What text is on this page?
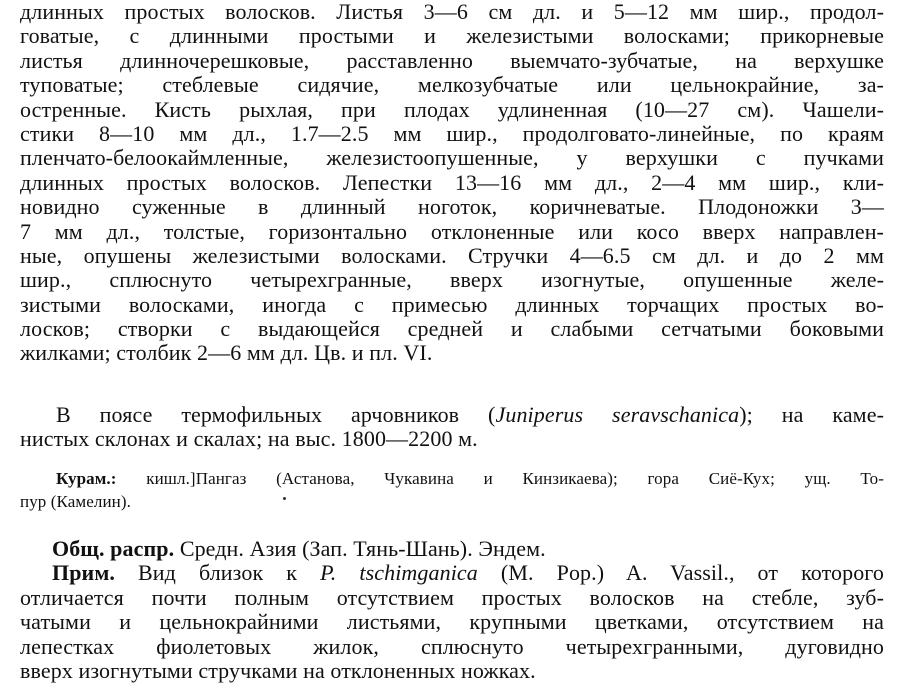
длинных простых волосков. Листья 3—6 см дл. и 5—12 мм шир., продол-
говатые, с длинными простыми и железистыми волосками; прикорневые
листья длинночерешковые, расставленно выемчато-зубчатые, на верхушке
туповатые; стеблевые сидячие, мелкозубчатые или цельнокрайние, за-
остренные. Кисть рыхлая, при плодах удлиненная (10—27 см). Чашели-
стики 8—10 мм дл., 1.7—2.5 мм шир., продолговато-линейные, по краям
пленчато-белоокаймленные, железистоопушенные, у верхушки с пучками
длинных простых волосков. Лепестки 13—16 мм дл., 2—4 мм шир., кли-
новидно суженные в длинный ноготок, коричневатые. Плодоножки 3—
7 мм дл., толстые, горизонтально отклоненные или косо вверх направлен-
ные, опушены железистыми волосками. Стручки 4—6.5 см дл. и до 2 мм
шир., сплюснуто четырехгранные, вверх изогнутые, опушенные желе-
зистыми волосками, иногда с примесью длинных торчащих простых во-
лосков; створки с выдающейся средней и слабыми сетчатыми боковыми
жилками; столбик 2—6 мм дл. Цв. и пл. VI.
В поясе термофильных арчовников (Juniperus seravschanica); на камe-
нистых склонах и скалах; на выс. 1800—2200 м.
Курам.: кишл.]Пангаз (Астанова, Чукавина и Кинзикаева); гора Сиё-Кух; ущ. То-
пур (Камелин).
Общ. распр. Средн. Азия (Зап. Тянь-Шань). Эндем.
Прим. Вид близок к P. tschimganica (M. Pop.) A. Vassil., от которого
отличается почти полным отсутствием простых волосков на стебле, зуб-
чатыми и цельнокрайними листьями, крупными цветками, отсутствием на
лепестках фиолетовых жилок, сплюснуто четырехгранными, дуговидно
вверх изогнутыми стручками на отклоненных ножках.
